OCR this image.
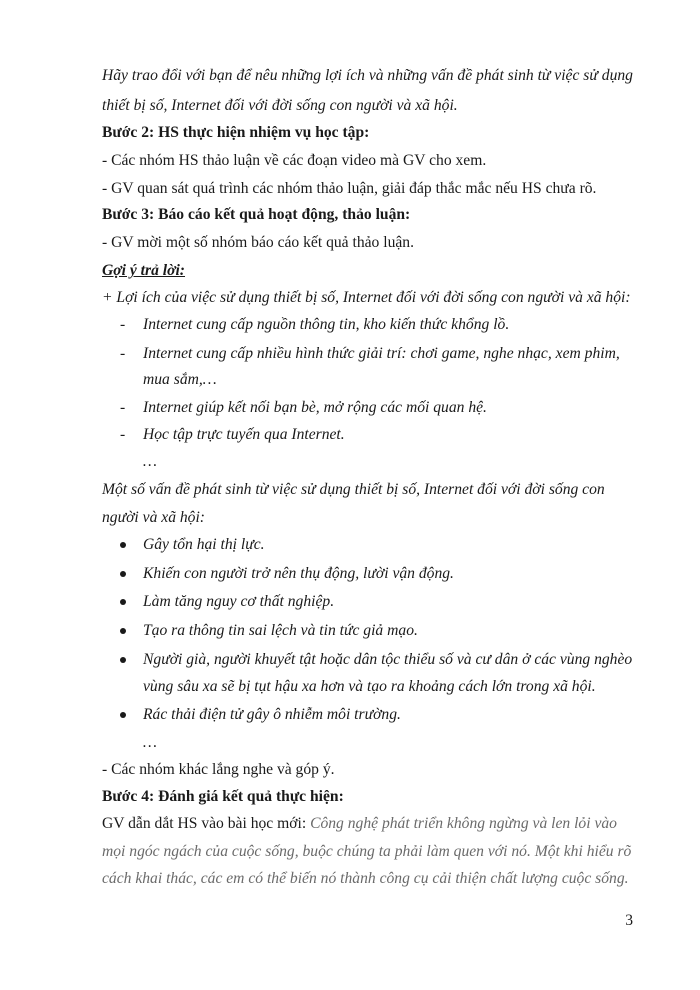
Hãy trao đổi với bạn để nêu những lợi ích và những vấn đề phát sinh từ việc sử dụng
thiết bị số, Internet đối với đời sống con người và xã hội.
Bước 2: HS thực hiện nhiệm vụ học tập:
- Các nhóm HS thảo luận về các đoạn video mà GV cho xem.
- GV quan sát quá trình các nhóm thảo luận, giải đáp thắc mắc nếu HS chưa rõ.
Bước 3: Báo cáo kết quả hoạt động, thảo luận:
- GV mời một số nhóm báo cáo kết quả thảo luận.
Gợi ý trả lời:
+ Lợi ích của việc sử dụng thiết bị số, Internet đối với đời sống con người và xã hội:
- Internet cung cấp nguồn thông tin, kho kiến thức khổng lồ.
- Internet cung cấp nhiều hình thức giải trí: chơi game, nghe nhạc, xem phim,
mua sắm,…
- Internet giúp kết nối bạn bè, mở rộng các mối quan hệ.
- Học tập trực tuyến qua Internet.
…
Một số vấn đề phát sinh từ việc sử dụng thiết bị số, Internet đối với đời sống con
người và xã hội:
Gây tổn hại thị lực.
Khiến con người trở nên thụ động, lười vận động.
Làm tăng nguy cơ thất nghiệp.
Tạo ra thông tin sai lệch và tin tức giả mạo.
Người già, người khuyết tật hoặc dân tộc thiểu số và cư dân ở các vùng nghèo
vùng sâu xa sẽ bị tụt hậu xa hơn và tạo ra khoảng cách lớn trong xã hội.
Rác thải điện tử gây ô nhiễm môi trường.
…
- Các nhóm khác lắng nghe và góp ý.
Bước 4: Đánh giá kết quả thực hiện:
GV dẫn dắt HS vào bài học mới: Công nghệ phát triển không ngừng và len lỏi vào
mọi ngóc ngách của cuộc sống, buộc chúng ta phải làm quen với nó. Một khi hiểu rõ
cách khai thác, các em có thể biến nó thành công cụ cải thiện chất lượng cuộc sống.
3
